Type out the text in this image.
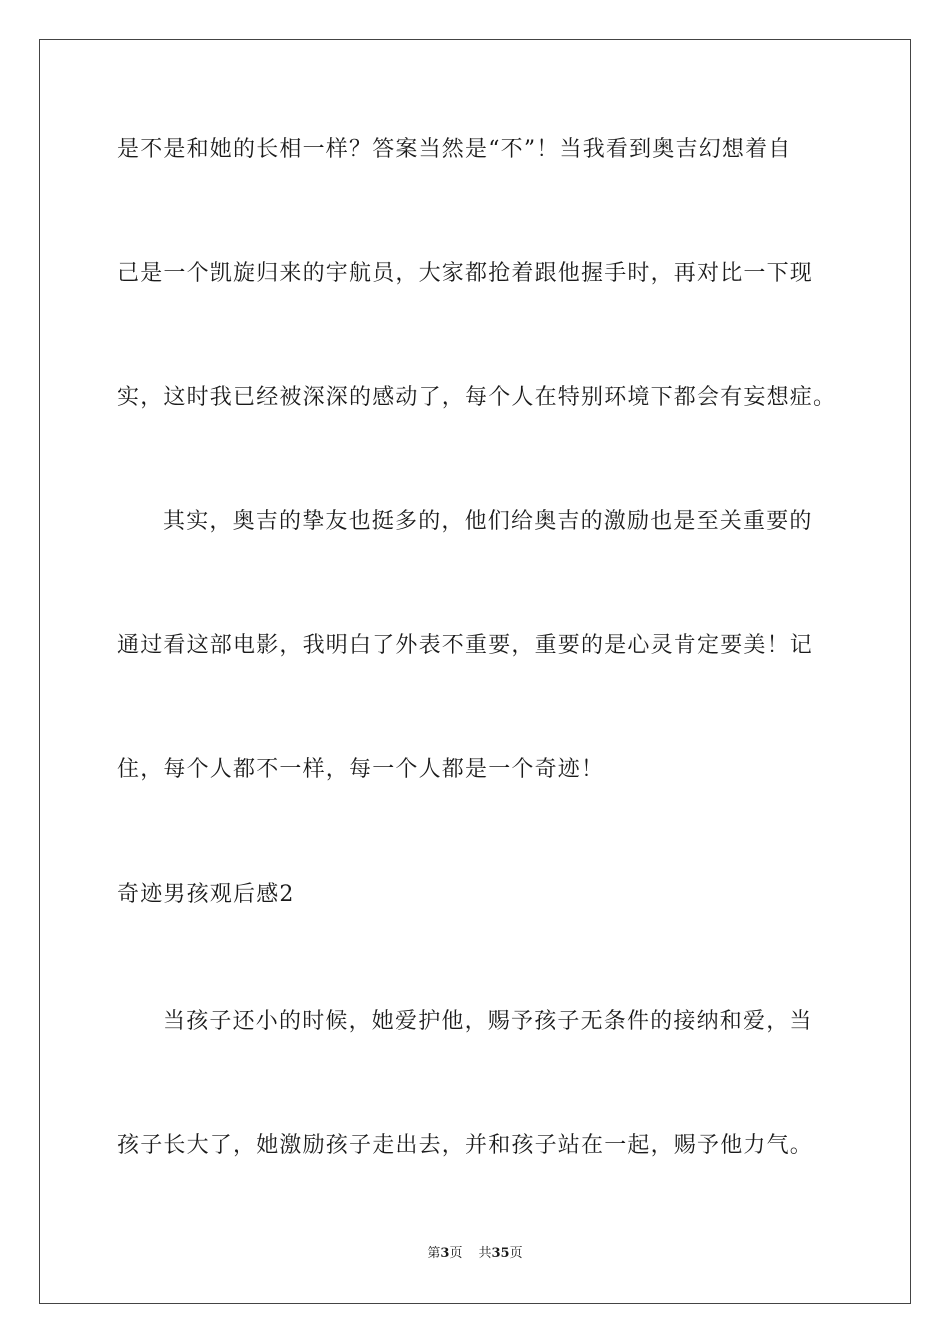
是不是和她的长相一样？答案当然是“不”！当我看到奥吉幻想着自
己是一个凯旋归来的宇航员，大家都抢着跟他握手时，再对比一下现
实，这时我已经被深深的感动了，每个人在特别环境下都会有妄想症。
其实，奥吉的挚友也挺多的，他们给奥吉的激励也是至关重要的
通过看这部电影，我明白了外表不重要，重要的是心灵肯定要美！记
住，每个人都不一样，每一个人都是一个奇迹！
奇迹男孩观后感2
当孩子还小的时候，她爱护他，赐予孩子无条件的接纳和爱，当
孩子长大了，她激励孩子走出去，并和孩子站在一起，赐予他力气。
第3页 共35页
